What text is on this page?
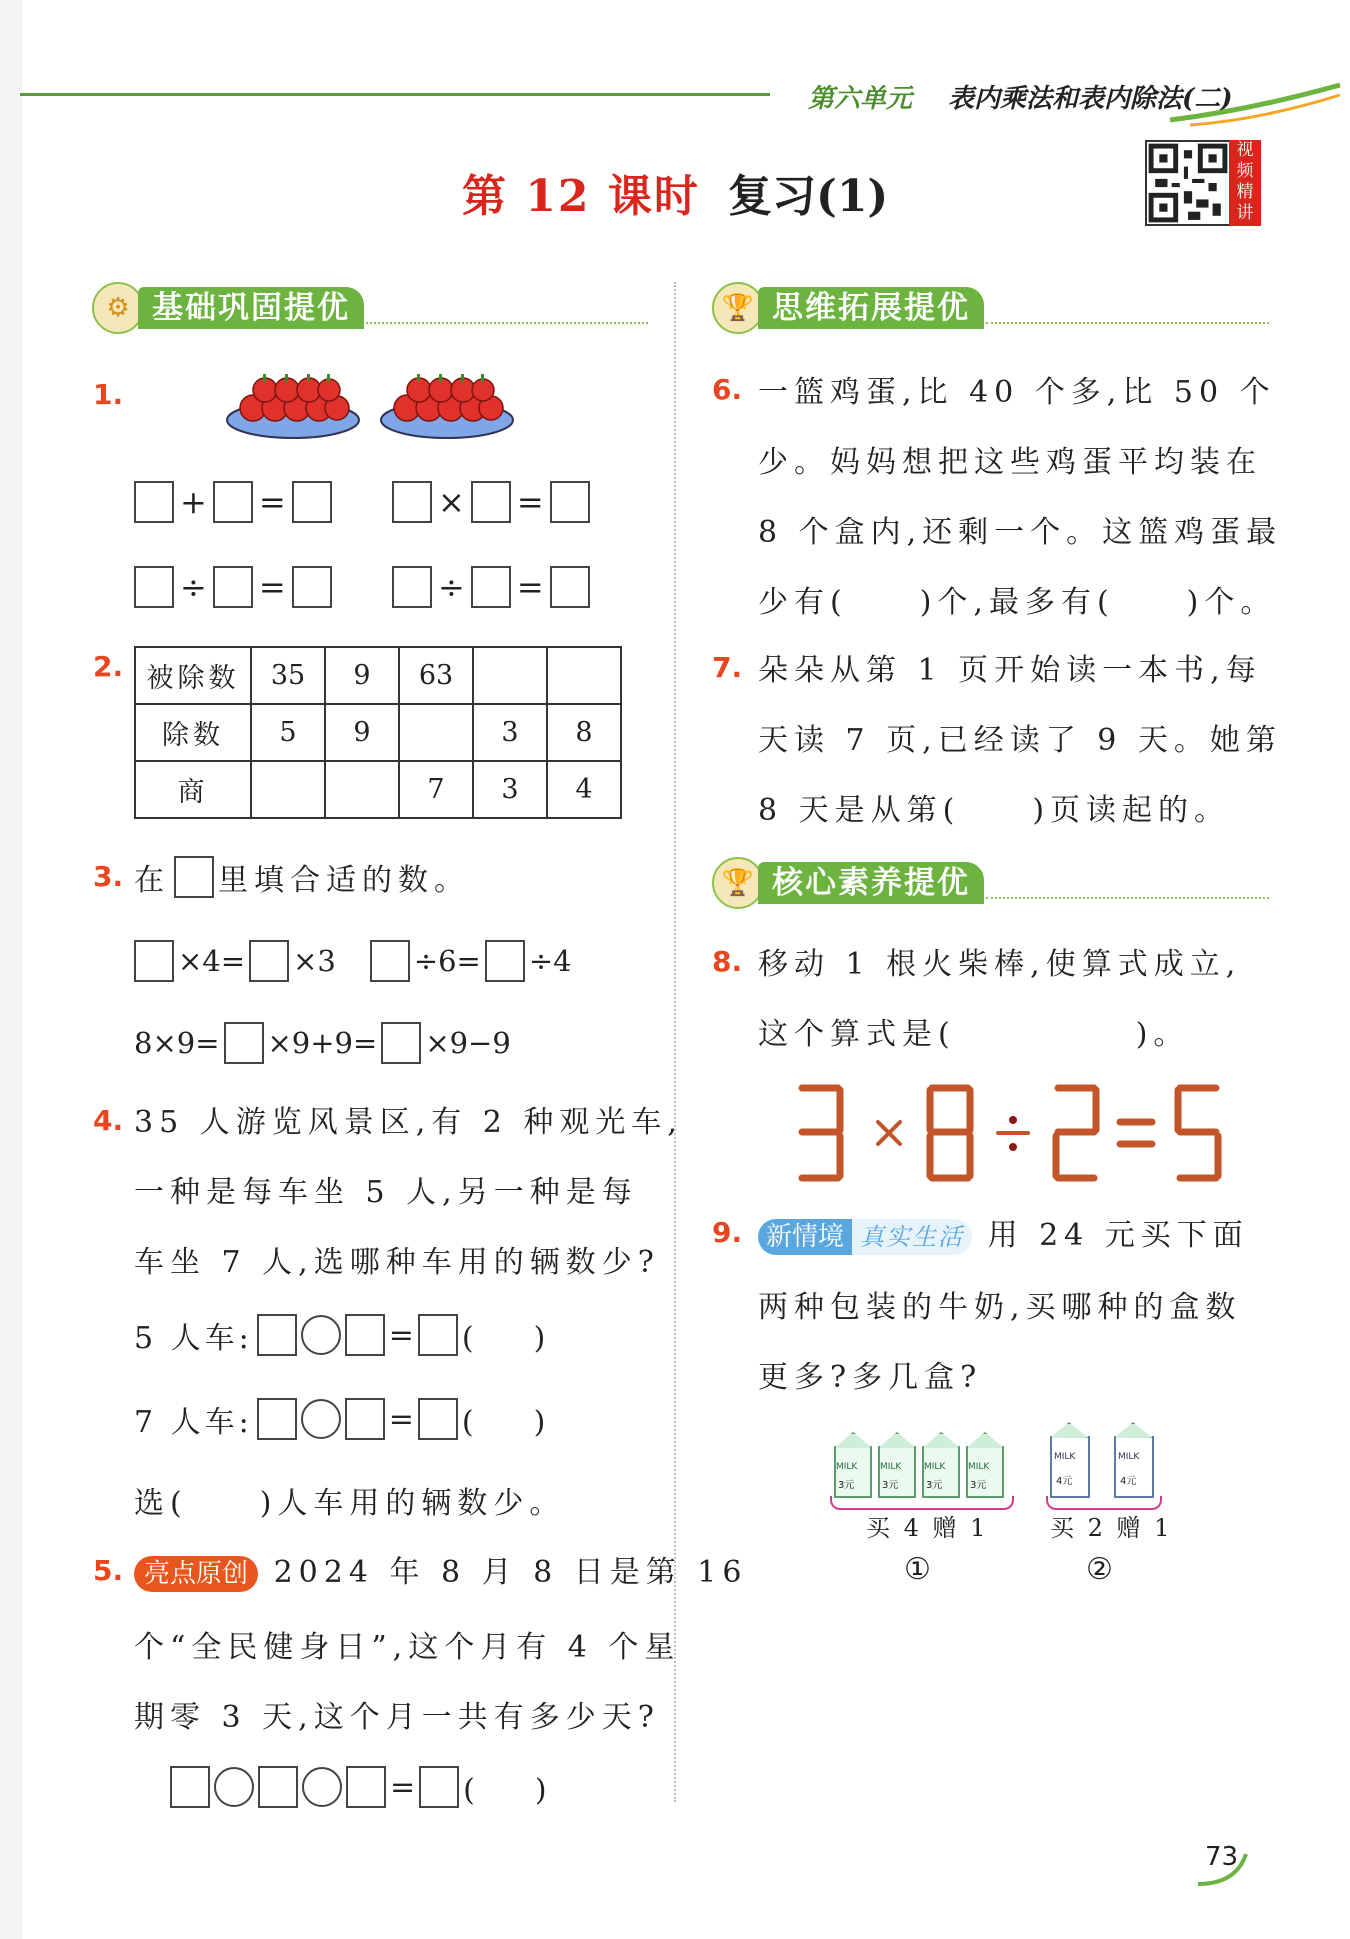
第六单元 表内乘法和表内除法(二)
第 12 课时 复习(1)
视频精讲
⚙ 基础巩固提优
1.
+ =	× =
÷ =	÷ =
2. 被除数	35	9	63		
除数	5	9		3	8
商			7	3	4
3. 在 里填合适的数。
×4= ×3	÷6= ÷4
8×9= ×9+9= ×9−9
4. 35 人游览风景区,有 2 种观光车,
一种是每车坐 5 人,另一种是每
车坐 7 人,选哪种车用的辆数少?
5 人车:	= (　　)
7 人车:	= (　　)
选(　　)人车用的辆数少。
5. 亮点原创 2024 年 8 月 8 日是第 16
个“全民健身日”,这个月有 4 个星
期零 3 天,这个月一共有多少天?
= (　　)
🏆 思维拓展提优
6. 一篮鸡蛋,比 40 个多,比 50 个
少。妈妈想把这些鸡蛋平均装在
8 个盒内,还剩一个。这篮鸡蛋最
少有(　　)个,最多有(　　)个。
7. 朵朵从第 1 页开始读一本书,每
天读 7 页,已经读了 9 天。她第
8 天是从第(　　)页读起的。
🏆 核心素养提优
8. 移动 1 根火柴棒,使算式成立,
这个算式是(　　　　　)。
9. 新情境 真实生活 用 24 元买下面
两种包装的牛奶,买哪种的盒数
更多?多几盒?
MILK	MILK	MILK	MILK
3元	3元	3元	3元
买 4 赠 1
①
MILK	MILK
4元	4元
买 2 赠 1
②
73
